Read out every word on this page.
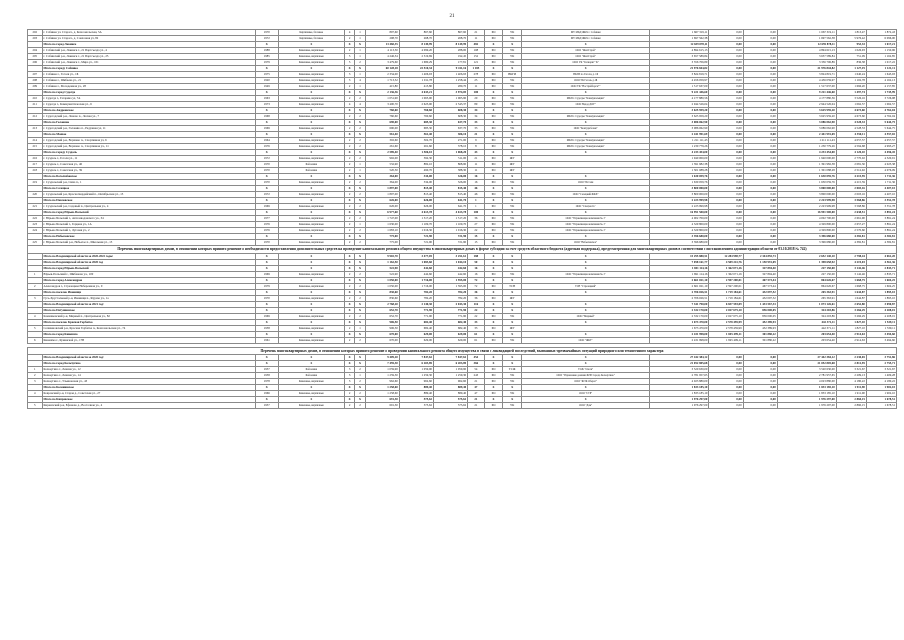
21
202	г. Собинка ул. Старого, д. Комсомольская, 5А	1970	Кирпичные, блочные	4	1	897,60	867,60	867,60	21	РО	УК	МУ МКД ЖКХ г. Собинки	1 667 319,11	0,00	0,00	1 667 319,11	1 813,47	1 872,43
203	г. Собинка ул. Старого, д. Совхозная ул, 82	1972	Кирпичные, блочные	2	1	298,70	268,70	268,70	11	РО	УК	МУ МКД ЖКХ г. Собинки	1 697 562,38	0,00	0,00	1 697 562,38	5 976,42	6 096,00
	Итого по город Лакинск	Х	Х	Х	Х	13 460,35	8 149,99	8 149,99	482	Х	Х	Х	12 659 878,11	0,00	0,00	12 659 878,11	953,33	1 017,21
204	г. Собинский р-н, Лакинск г., 21 Партсъезда ул., 4	1988	Каменные, кирпичные	2	1	4 113,50	4 099,20	288,00	108	РО	УК	ООО "ЖилСтрой"	4 894 615,13	0,00	0,00	4 894 615,13	1 026,93	1 150,96
205	г. Собинский р-н, Лакинск г., 21 Партсъезда ул., 25	1985	Каменные, кирпичные	5	1	4 246,34	2 519,69	192,45	152	РО	УК	ООО "ЖилСтрой"	3 657 589,84	0,00	0,00	3 657 589,84	751,09	1 162,85
206	г. Собинский р-н, Лакинск г., Мира ул., 101	1979	Каменные, кирпичные	5	2	3 479,60	1 680,29	177,81	121	РО	УК	ООО УК "Гелиорит" К"	3 356 706,89	0,00	0,00	3 356 706,89	836,38	1 017,22
	Итого по городу Собинка	Х	Х	Х	Х	60 128,18	22 510,34	9 411,16	1 185	Х	Х	Х	21 976 844,82	0,00	0,00	21 976 844,82	1 127,19	1 121,11
207	г. Собинка г., Гоголя ул., 1Б	1975	Каменные, кирпичные	3	1	2 334,00	1 406,93	1 406,93	278	РО	ВКГИ	ВКГИ по Гоголя, д. 1Б	3 824 819,71	0,00	0,00	3 824 819,71	1 640,24	1 643,93
208	г. Собинка г., Шибаева ул., 21	1920	Каменные, кирпичные	3	4	1 713,52	1 011,78	1 258,44	25	РО	УК	ООО УК Гоголь д.1Б	4 456 059,97	0,00	0,00	4 456 059,97	1 102,78	4 162,13
209	г. Собинка г., Молодежная ул., 28	1949	Каменные, кирпичные	2	1	415,80	415,80	280,70	11	РО	УК	ООО УК "Нострайборск+"	1 517 637,00	0,00	0,00	1 517 637,00	1 666,20	4 157,85
	Итого по город Судогда	Х	Х	Х	Х	2 136,36	4 633,21	3 974,05	100	Х	Х	Х	9 221 446,60	0,00	0,00	9 221 446,60	1 497,74	1 735,99
210	г. Судогда г., Гагарина ул, 7А	1963	Каменные, кирпичные	2	2	1 051,90	1 065,90	1 065,90	20	РО	УК	МКП г. Судогды "Коммунальщик"	4 177 880,56	0,00	0,00	4 177 880,56	3 526,16	3 726,98
211	г. Судогда г., Коммунистическая ул., 6	1973	Каменные, кирпичные	4	4	3 400,70	2 623,90	2 543,37	89	РО	УК	ООО Надод ДОУ"	2 944 526,04	0,00	0,00	2 944 526,04	1 062,57	1 062,57
	Итого по Андреевское	Х	Х	Х	Х	760,60	760,60	608,30	34	Х	Х	Х	3 625 959,20	0,00	0,00	3 625 959,20	4 673,60	4 762,04
212	г. Судогодский р-н, Ланово п., Лесная ул., 7	1968	Каменные, кирпичные	2	2	760,60	760,60	608,30	34	РО	УК	МКП г. Судогды "Коммунальщик"	3 625 959,20	0,00	0,00	3 625 959,20	4 673,60	4 762,04
	Итого по Головино	Х	Х	Х	Х	690,00	685,30	637,70	33	Х	Х	Х	3 086 062,90	0,00	0,00	3 086 062,90	4 528,33	5 644,75
213	г. Судогодский р-н, Головино п., Радужная ул, 11	1969	Каменные, кирпичные	2	2	690,00	685,30	637,70	33	РО	УК	ООО "Контррабочие"	3 086 062,90	0,00	0,00	3 086 062,90	4 528,33	5 644,75
	Итого по Мошок	Х	Х	Х	Х	561,40	561,40	386,10	21	Х	Х	Х	2 441 991,69	0,00	0,00	2 441 991,69	4 350,11	4 557,02
214	г. Судогодский р-н, Воршево п., Спортивная ул, 6	1964	Каменные, кирпичные	2	2	302,60	302,70	271,00	9	РО	УК	МКП г. Судогды "Коммунальщик"	1 211 111,43	0,00	0,00	1 211 111,43	4 057,57	4 057,57
215	г. Судогодский р-н, Воршево п., Спортивная ул., 11	1976	Каменные, кирпичные	2	2	261,60	261,60	378,10	8	РО	УК	МКП г. Судогды "Коммунальщик"	1 230 779,26	0,00	0,00	1 230 779,26	4 594,68	4 993,27
	Итого по городу Суздаль	Х	Х	Х	Х	2 589,40	1 506,10	1 068,20	43	Х	Х	Х	4 233 454,00	0,00	0,00	4 233 454,00	4 120,10	4 496,45
216	г. Суздаль г., Гоголя ул., 11	1972	Каменные, кирпичные	2	2	992,00	592,30	511,00	21	РО	ЖУ		1 940 000,00	0,00	0,00	1 940 000,00	2 770,02	4 320,91
217	г. Суздаль г., Советская ул., 46	1970	Бой камня	2	1	532,90	882,10	868,90	11	РО	ЖУ		1 391 982,38	0,00	0,00	1 391 982,38	2 081,30	4 023,38
218	г. Суздаль г., Советская ул., 39	1970	Бой камня	2	1	520,50	490,70	388,30	11	РО	ЖУ		1 301 088,28	0,00	0,00	1 301 088,28	2 512,92	4 076,09
	Итого по Боголюбовское	Х	Х	Х	Х	364,00	334,00	326,00	16	Х	Х	Х	1 630 059,76	0,00	0,00	1 630 059,76	4 215,59	1 711,36
219	г. Суздальский р-н, Сима п., 1	1970	Каменные, кирпичные	2	2	364,00	334,00	326,00	16	РО	УК	ООО УК Сим	1 630 059,76	0,00	0,00	1 630 059,76	4 215,59	1 711,36
	Итого по Селецкое	Х	Х	Х	Х	1 897,00	815,40	815,40	46	Х	Х	Х	3 800 000,00	0,00	0,00	3 800 000,00	2 003,16	4 407,10
220	г. Суздальский р-н, Красногвардейский п., Октябрьская ул., 13	1972	Каменные, кирпичные	2	2	1 897,00	815,40	815,40	46	РО	УК	ООО "Селецкий ЖКХ"	3 800 000,00	0,00	0,00	3 800 000,00	2 003,16	4 407,10
	Итого по Павловское	Х	Х	Х	Х	626,00	626,00	641,70	1	Х	Х	Х	2 223 999,98	0,00	0,00	2 223 999,98	3 568,86	3 551,78
221	г. Суздальский р-н, Садовый п., Центральная ул., 4	1969	Каменные, кирпичные	2	2	626,00	626,00	641,70	1	РО	УК	ООО "Спецчасть"	2 223 999,98	0,00	0,00	2 223 999,98	3 568,86	3 551,78
	Итого по город Юрьев-Польский	Х	Х	Х	Х	6 977,60	4 613,78	4 613,78	100	Х	Х	Х	16 991 500,00	0,00	0,00	16 991 500,00	2 638,51	3 891,24
222	г. Юрьев-Польский г., Автозаводовского ул., 34	1977	Каменные, кирпичные	2	2	1 747,00	1 517,20	1 517,20	36	РО	УК	ООО "Управляющая компания № 1"	4 002 700,00	0,00	0,00	4 002 700,00	2 661,90	3 891,24
223	г. Юрьев-Польский г., Герцена ул., 1А	1976	Каменные, кирпичные	2	1	1 630,00	1 109,70	1 109,70	27	РО	УК	ООО "Управляющая компания № 1"	4 329 800,00	0,00	0,00	4 329 800,00	2 657,27	3 891,24
224	г. Юрьев-Польский г., Луговая ул., 2	1976	Каменные, кирпичные	2	2	1 683,10	1 016,30	1 016,30	22	РО	УК	ООО "Управляющая компания № 1"	4 329 800,00	0,00	0,00	4 329 800,00	2 570,60	3 891,24
	Итого по Небыловское	Х	Х	Х	Х	775,00	721,90	721,90	15	Х	Х	Х	3 396 680,00	0,00	0,00	3 396 680,00	4 382,81	4 382,81
225	г. Юрьев-Польский р-н, Небылое п., Школьная ул., 13	1970	Каменные, кирпичные	2	2	775,00	721,90	721,90	15	РО	УК	ООО "Небыловское"	3 396 680,00	0,00	0,00	3 396 680,00	4 382,81	4 382,81
Перечень многоквартирных домов, в отношении которых принято решение о необходимости предоставления дополнительных средств на проведение капитального ремонта общего имущества в многоквартирных домах в форме субсидии за счет средств областного бюджета (адресная поддержка), предусмотренная для многоквартирных домов в соответствии с постановлением администрации области от 03.10.2018 № 742)																		
	Итого по Владимирской области за 2020-2022 годы:	Х	Х	Х	Х	9 902,70	3 477,05	3 251,61	188	Х	Х	Х	15 295 880,51	12 284 998,77	2 344 855,73	2 652 140,10	2 798,44	4 061,20
	Итого по Владимирской области за 2020 год	Х	Х	Х	Х	1 162,50	1 083,60	1 044,10	50	Х	Х	Х	7 058 161,77	4 509 241,76	1 150 991,09	1 398 658,92	4 219,03	4 561,36
	Итого по город Юрьев-Польский	Х	Х	Х	Х	522,90	442,60	442,60	16	Х	Х	Х	1 691 114,16	1 362 071,16	327 894,40	227 150,00	3 142,46	2 833,71
1	Юрьев-Польский г., Шибанова ул., 100	1969	Каменные, кирпичные	2	2	522,90	442,60	442,60	16	РО	УК	ООО "Управляющая компания № 1"	1 691 114,16	1 362 071,16	327 894,40	227 150,00	3 142,46	2 833,71
	Итого по город Александров	Х	Х	Х	Х	1 050,00	1 716,00	1 595,00	72	Х	Х	Х	2 661 021,10	2 597 200,01	467 573,44	864 626,67	1 668,75	1 604,25
2	Александров г., Стрелецкая Набережная ул., 9	1979	Каменные, кирпичные	2	2	1 050,00	1 716,00	1 595,00	72	РО	ТСН	ТСН "Стрелецкий"	2 661 021,10	2 597 200,01	467 573,44	864 626,67	1 668,75	1 604,25
	Итого по поселок Иванищи	Х	Х	Х	Х	830,60	782,20	782,20	36	Х	Х	Х	2 706 026,51	1 719 184,61	432 097,52	265 363,91	1 644,87	1 895,10
3	Гусь-Хрустальный р-н, Иванищи п., Фрунзе ул., 1а	1970	Каменные, кирпичные	2	2	830,60	782,20	782,20	36	РО	ЖУ		2 706 026,51	1 719 184,61	432 097,52	265 363,91	1 644,87	1 895,10
	Итого по Владимирской области за 2021 год:	Х	Х	Х	Х	2 768,20	2 140,30	2 043,30	116	Х	Х	Х	7 341 790,00	6 837 593,09	1 433 567,33	1 073 126,61	2 652,80	3 090,87
	Итого по Петушинское	Х	Х	Х	Х	652,70	771,90	771,90	22	Х	Х	Х	2 332 170,00	2 027 675,10	856 000,05	324 203,86	3 266,29	4 208,01
4	Камешковский р-н, Мирный п., Центральная ул., 82	1969	Каменные, кирпичные	2	2	652,70	771,90	771,90	22	РО	УК	ООО "Мирный"	2 332 170,00	2 027 675,10	856 000,05	324 203,86	3 266,29	4 208,01
	Итого по поселок Красная Горбатка	Х	Х	Х	Х	906,50	682,40	682,40	33	Х	Х	Х	1 673 470,00	2 578 459,99	452 389,93	442 371,11	1 827,10	1 539,11
5	Селивановский р-н, Красная Горбатка п., Комсомольская ул., 74	1958	Каменные, кирпичные	2	1	906,50	682,40	682,40	33	РО	ЖУ		1 673 470,00	2 578 459,99	452 389,93	442 371,11	1 827,10	1 539,11
	Итого по город Кинешма	Х	Х	Х	Х	670,00	629,00	629,00	61	Х	Х	Х	2 431 998,00	1 845 499,11	301 880,22	203 654,40	2 914,63	3 494,60
6	Кинешма г., Кунинской ул., 17В	1961	Каменные, кирпичные	2	2	670,00	629,00	629,00	61	РО	УК	ООО "ЖКТ"	2 431 998,00	1 845 499,11	301 880,22	203 654,40	2 914,63	3 494,60

Перечень многоквартирных домов, в отношении которых принято решение о проведении капитального ремонта общего имущества в связи с ликвидацией последствий, вызванных чрезвычайных ситуаций природного или техногенного характера																		
	Итого по Владимирской области за 2020 год:	Х	Х	Х	Х	9 409,20	7 847,62	7 847,62	454	Х	Х	Х	27 442 384,12	0,00	0,00	27 442 384,12	2 230,65	3 751,86
	Итого по город Кольчугино	Х	Х	Х	Х	7 459,30	6 203,89	6 203,89	366	Х	Х	Х	21 052 805,68	0,00	0,00	21 052 805,68	2 812,95	2 755,71
1	Кольчугино г., Ленина ул., 12	1957	Бой камня	3	2	1 059,90	1 059,90	1 059,90	54	РО	ТСЖ	ТСЖ "Олеся"	3 520 630,00	0,00	0,00	3 520 630,00	3 321,67	3 321,67
2	Кольчугино г., Ленина ул., 14	1958	Бой камня	3	1	1 259,30	1 259,30	1 259,30	243	РО	УК	ООО "Управление домами ЖЭП города Кольчугино"	2 781 957,65	0,00	0,00	2 781 957,65	2 209,13	1 409,28
3	Кольчугино г., Ульяновская ул., 43	1978	Каменные, кирпичные	3	2	962,60	962,60	962,60	21	РО	УК	ООО "ЖЭК Оберег"	4 023 880,00	0,00	0,00	4 023 880,00	4 180,22	4 180,22
	Итого по Коленинское	Х	Х	Х	Х	1 258,60	889,40	889,40	47	Х	Х	Х	1 833 185,10	0,00	0,00	1 833 185,10	1 911,90	1 902,10
4	Ковровский р-н, Старая д., Советская ул., 27	1966	Каменные, кирпичные	2	2	1 258,60	889,40	889,40	47	РО	УК	ООО "СТР"	1 833 185,10	0,00	0,00	1 833 185,10	1 911,90	1 902,10
	Итого по Кипревское	Х	Х	Х	Х	691,30	575,62	575,62	21	Х	Х	Х	1 976 297,00	0,00	0,00	1 976 297,00	2 860,15	1 678,51
5	Киржачский р-н, Ефаново д., Восточная ул., 4	1957	Каменные, кирпичные	2	2	691,30	575,62	575,62	21	РО	УК	ООО "Дом"	1 976 297,00	0,00	0,00	1 976 297,00	2 860,15	1 678,51
